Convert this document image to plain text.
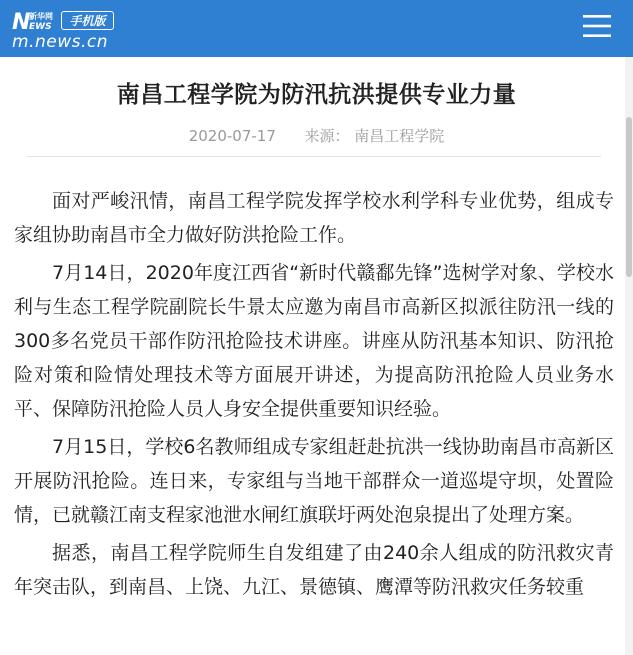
N
新华网
EWS	手机版
m.news.cn
南昌工程学院为防汛抗洪提供专业力量
2020-07-17 来源： 南昌工程学院

面对严峻汛情，南昌工程学院发挥学校水利学科专业优势，组成专家组协助南昌市全力做好防洪抢险工作。

7月14日，2020年度江西省“新时代赣鄱先锋”选树学对象、学校水利与生态工程学院副院长牛景太应邀为南昌市高新区拟派往防汛一线的300多名党员干部作防汛抢险技术讲座。讲座从防汛基本知识、防汛抢险对策和险情处理技术等方面展开讲述，为提高防汛抢险人员业务水平、保障防汛抢险人员人身安全提供重要知识经验。

7月15日，学校6名教师组成专家组赶赴抗洪一线协助南昌市高新区开展防汛抢险。连日来，专家组与当地干部群众一道巡堤守坝，处置险情，已就赣江南支程家池泄水闸红旗联圩两处泡泉提出了处理方案。

据悉，南昌工程学院师生自发组建了由240余人组成的防汛救灾青年突击队，到南昌、上饶、九江、景德镇、鹰潭等防汛救灾任务较重
